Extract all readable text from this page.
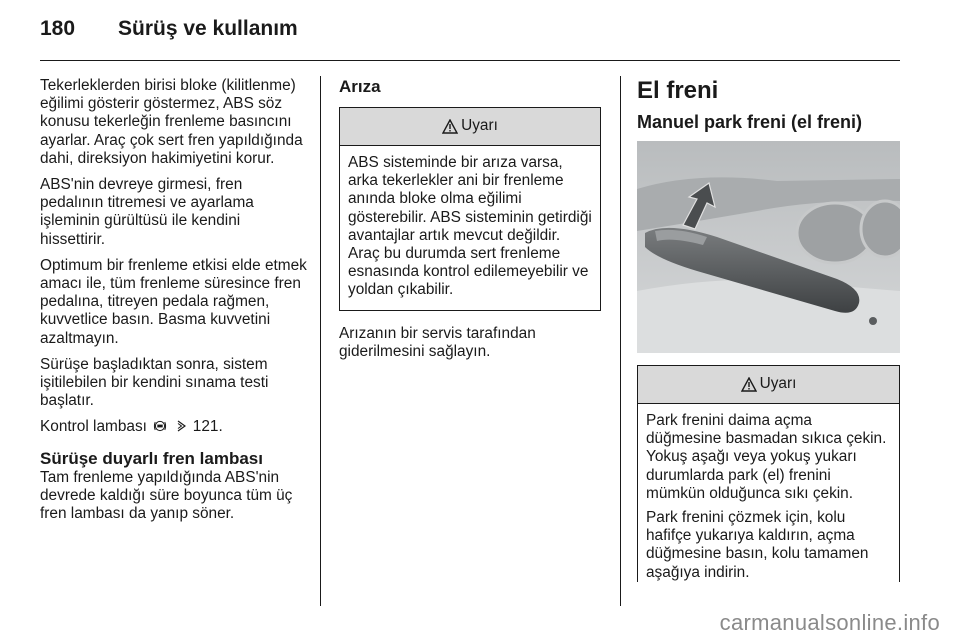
180	Sürüş ve kullanım

Tekerleklerden birisi bloke (kilitlenme) eğilimi gösterir göstermez, ABS söz konusu tekerleğin frenleme basıncını ayarlar. Araç çok sert fren yapıldığında dahi, direksiyon hakimiyetini korur.

ABS'nin devreye girmesi, fren pedalının titremesi ve ayarlama işleminin gürültüsü ile kendini hissettirir.

Optimum bir frenleme etkisi elde etmek amacı ile, tüm frenleme süresince fren pedalına, titreyen pedala rağmen, kuvvetlice basın. Basma kuvvetini azaltmayın.

Sürüşe başladıktan sonra, sistem işitilebilen bir kendini sınama testi başlatır.

Kontrol lambası	121.

Sürüşe duyarlı fren lambası

Tam frenleme yapıldığında ABS'nin devrede kaldığı süre boyunca tüm üç fren lambası da yanıp söner.

Arıza
Uyarı

ABS sisteminde bir arıza varsa, arka tekerlekler ani bir frenleme anında bloke olma eğilimi gösterebilir. ABS sisteminin getirdiği avantajlar artık mevcut değildir. Araç bu durumda sert frenleme esnasında kontrol edilemeyebilir ve yoldan çıkabilir.

Arızanın bir servis tarafından giderilmesini sağlayın.

El freni
Manuel park freni (el freni)
Uyarı

Park frenini daima açma düğmesine basmadan sıkıca çekin. Yokuş aşağı veya yokuş yukarı durumlarda park (el) frenini mümkün olduğunca sıkı çekin.

Park frenini çözmek için, kolu hafifçe yukarıya kaldırın, açma düğmesine basın, kolu tamamen aşağıya indirin.

carmanualsonline.info
